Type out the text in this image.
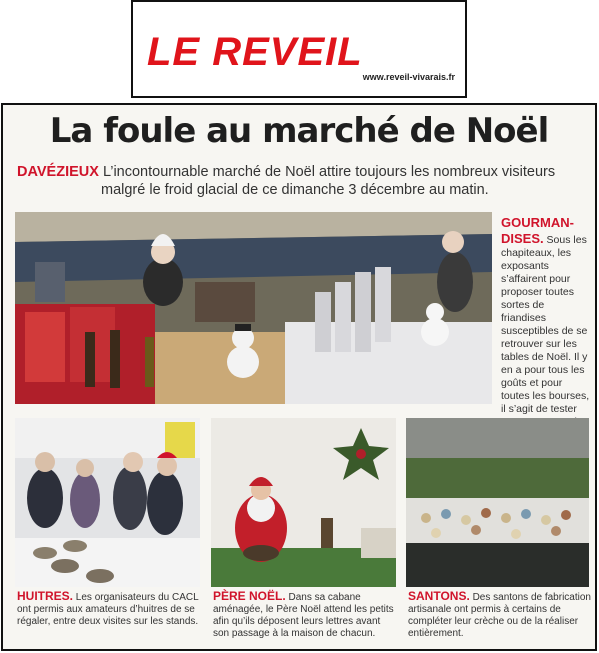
LE REVEIL
www.reveil-vivarais.fr
La foule au marché de Noël
DAVÉZIEUX L’incontournable marché de Noël attire toujours les nombreux visiteurs
malgré le froid glacial de ce dimanche 3 décembre au matin.
GOURMAN-DISES. Sous les chapiteaux, les exposants s’affairent pour proposer toutes sortes de friandises susceptibles de se retrouver sur les tables de Noël. Il y en a pour tous les goûts et pour toutes les bourses, il s’agit de tester
HUITRES. Les organisateurs du CACL ont permis aux amateurs d’huitres de se régaler, entre deux visites sur les stands.
PÈRE NOËL. Dans sa cabane aménagée, le Père Noël attend les petits afin qu’ils déposent leurs lettres avant son passage à la maison de chacun.
SANTONS. Des santons de fabrication artisanale ont permis à certains de compléter leur crèche ou de la réaliser entièrement.
